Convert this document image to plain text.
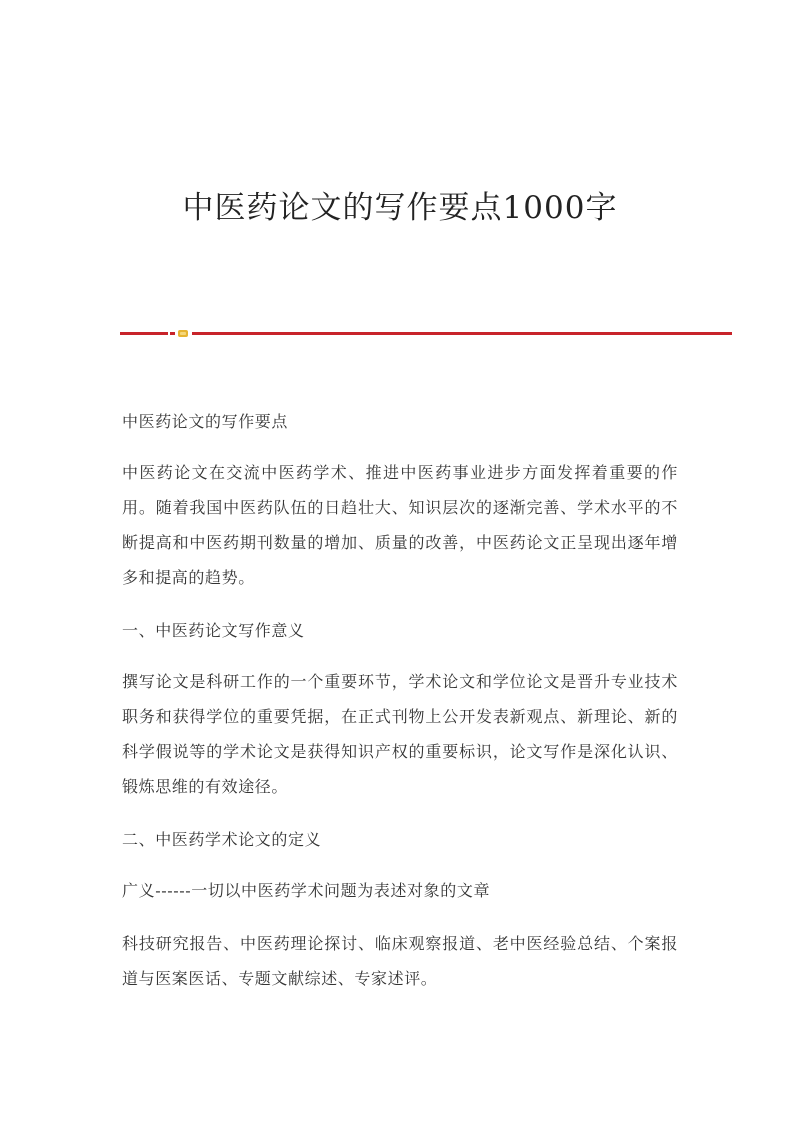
中医药论文的写作要点1000字

中医药论文的写作要点

中医药论文在交流中医药学术、推进中医药事业进步方面发挥着重要的作用。随着我国中医药队伍的日趋壮大、知识层次的逐渐完善、学术水平的不断提高和中医药期刊数量的增加、质量的改善，中医药论文正呈现出逐年增多和提高的趋势。

一、中医药论文写作意义

撰写论文是科研工作的一个重要环节，学术论文和学位论文是晋升专业技术职务和获得学位的重要凭据，在正式刊物上公开发表新观点、新理论、新的科学假说等的学术论文是获得知识产权的重要标识，论文写作是深化认识、锻炼思维的有效途径。

二、中医药学术论文的定义

广义------一切以中医药学术问题为表述对象的文章

科技研究报告、中医药理论探讨、临床观察报道、老中医经验总结、个案报道与医案医话、专题文献综述、专家述评。
